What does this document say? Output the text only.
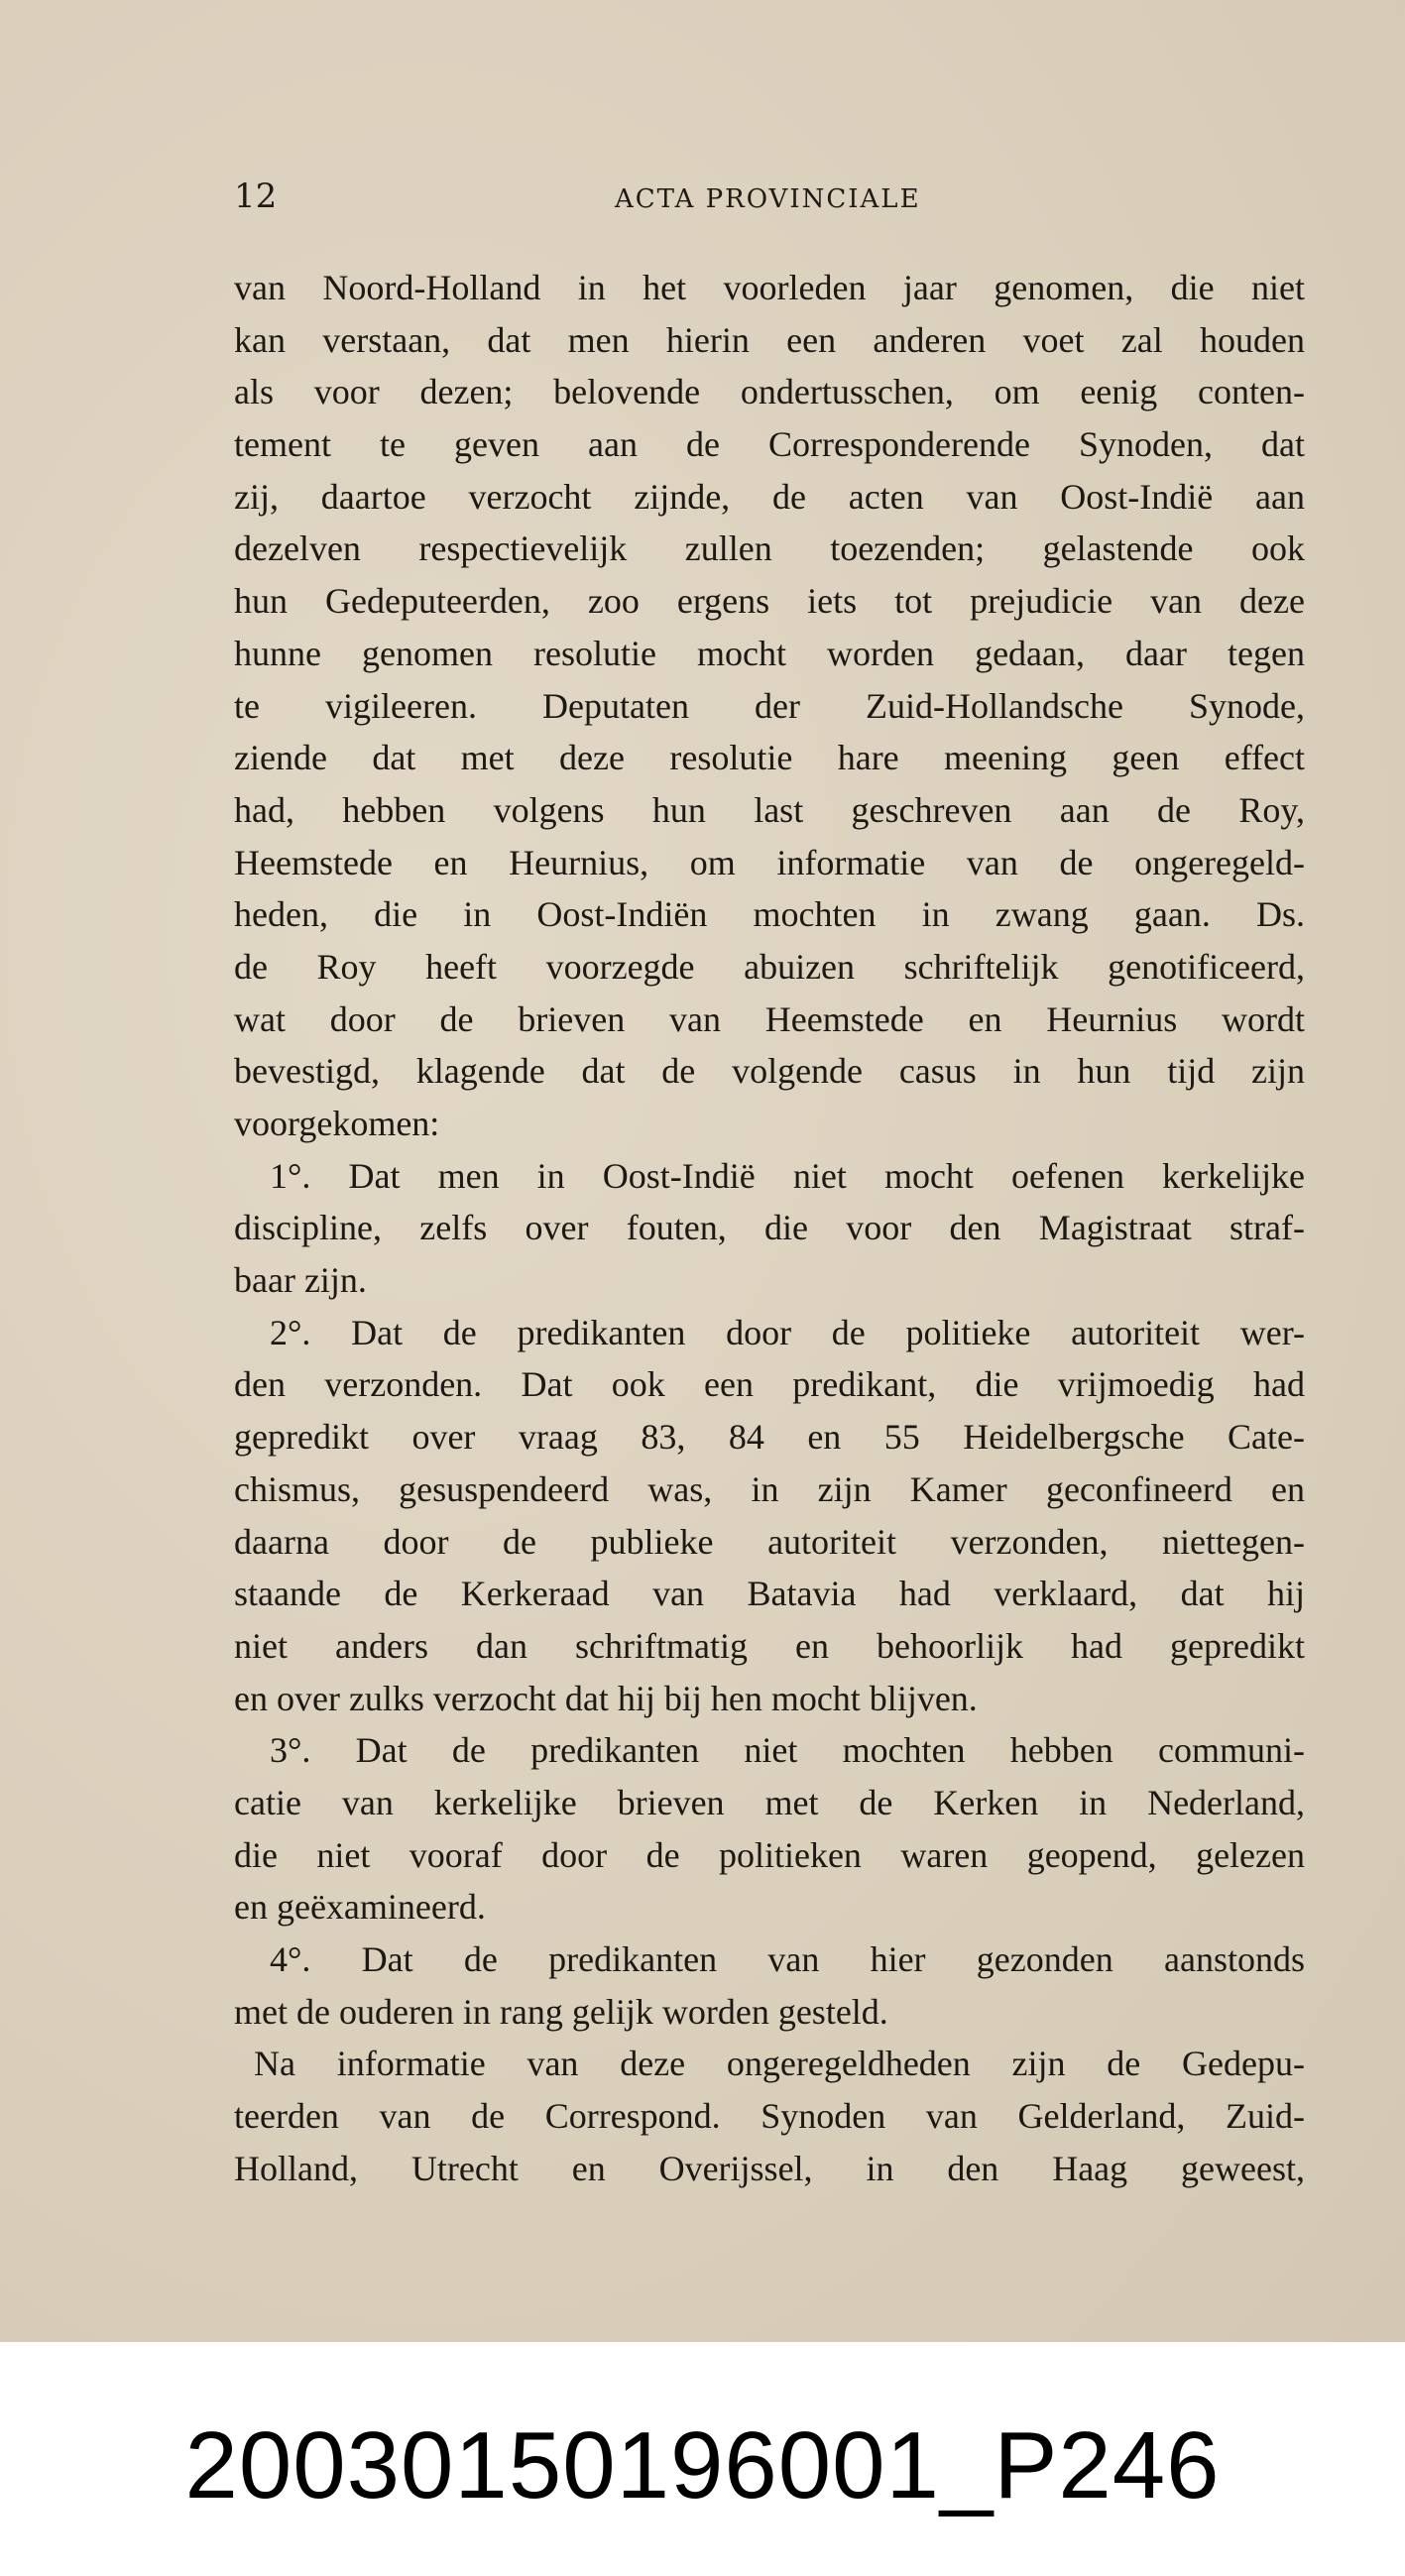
12	ACTA PROVINCIALE
van Noord-Holland in het voorleden jaar genomen, die niet
kan verstaan, dat men hierin een anderen voet zal houden
als voor dezen; belovende ondertusschen, om eenig conten-
tement te geven aan de Corresponderende Synoden, dat
zij, daartoe verzocht zijnde, de acten van Oost-Indië aan
dezelven respectievelijk zullen toezenden; gelastende ook
hun Gedeputeerden, zoo ergens iets tot prejudicie van deze
hunne genomen resolutie mocht worden gedaan, daar tegen
te vigileeren. Deputaten der Zuid-Hollandsche Synode,
ziende dat met deze resolutie hare meening geen effect
had, hebben volgens hun last geschreven aan de Roy,
Heemstede en Heurnius, om informatie van de ongeregeld-
heden, die in Oost-Indiën mochten in zwang gaan. Ds.
de Roy heeft voorzegde abuizen schriftelijk genotificeerd,
wat door de brieven van Heemstede en Heurnius wordt
bevestigd, klagende dat de volgende casus in hun tijd zijn
voorgekomen:
1°. Dat men in Oost-Indië niet mocht oefenen kerkelijke
discipline, zelfs over fouten, die voor den Magistraat straf-
baar zijn.
2°. Dat de predikanten door de politieke autoriteit wer-
den verzonden. Dat ook een predikant, die vrijmoedig had
gepredikt over vraag 83, 84 en 55 Heidelbergsche Cate-
chismus, gesuspendeerd was, in zijn Kamer geconfineerd en
daarna door de publieke autoriteit verzonden, niettegen-
staande de Kerkeraad van Batavia had verklaard, dat hij
niet anders dan schriftmatig en behoorlijk had gepredikt
en over zulks verzocht dat hij bij hen mocht blijven.
3°. Dat de predikanten niet mochten hebben communi-
catie van kerkelijke brieven met de Kerken in Nederland,
die niet vooraf door de politieken waren geopend, gelezen
en geëxamineerd.
4°. Dat de predikanten van hier gezonden aanstonds
met de ouderen in rang gelijk worden gesteld.
Na informatie van deze ongeregeldheden zijn de Gedepu-
teerden van de Correspond. Synoden van Gelderland, Zuid-
Holland, Utrecht en Overijssel, in den Haag geweest,
20030150196001_P246
